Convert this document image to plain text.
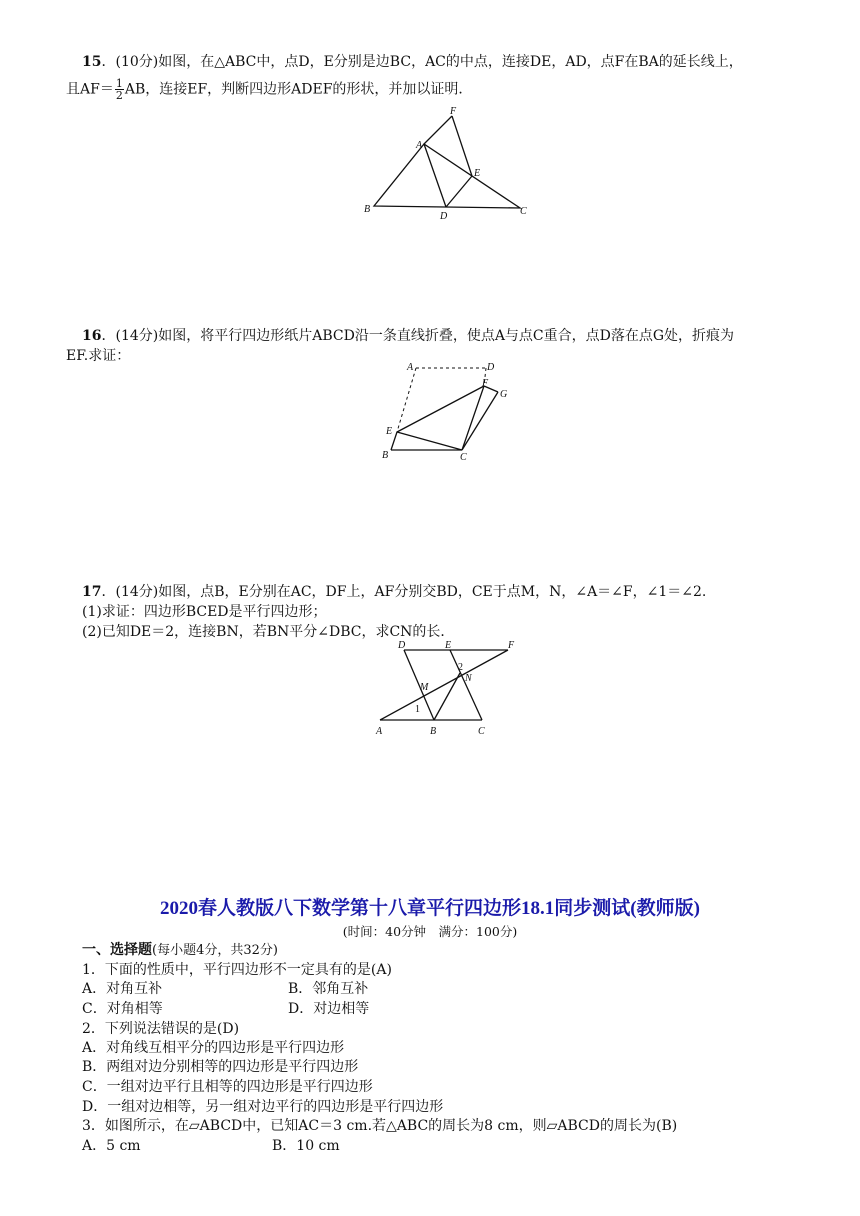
15．(10分)如图，在△ABC中，点D，E分别是边BC，AC的中点，连接DE，AD，点F在BA的延长线上，
且$AF= \frac{1}{2}$ AB，连接EF，判断四边形ADEF的形状，并加以证明．
A
B	C
D
E
F
16．(14分)如图，将平行四边形纸片ABCD沿一条直线折叠，使点A与点C重合，点D落在点G处，折痕为
EF.求证：
A	D
F
G
E
B	C
17．(14分)如图，点B，E分别在AC，DF上，AF分别交BD，CE于点M，N，∠A＝∠F，∠1＝∠2.
(1)求证：四边形BCED是平行四边形；
(2)已知DE＝2，连接BN，若BN平分∠DBC，求CN的长．
D	E	F
M
N
2
1
A	B	C
2020春人教版八下数学第十八章平行四边形18.1同步测试(教师版)
(时间：40分钟　满分：100分)
一、选择题(每小题4分，共32分)
1．下面的性质中，平行四边形不一定具有的是(A)
A．对角互补	B．邻角互补
C．对角相等	D．对边相等
2．下列说法错误的是(D)
A．对角线互相平分的四边形是平行四边形
B．两组对边分别相等的四边形是平行四边形
C．一组对边平行且相等的四边形是平行四边形
D．一组对边相等，另一组对边平行的四边形是平行四边形
3．如图所示，在▱ABCD中，已知AC＝3 cm.若△ABC的周长为8 cm，则▱ABCD的周长为(B)
A．5 cm	B．10 cm
